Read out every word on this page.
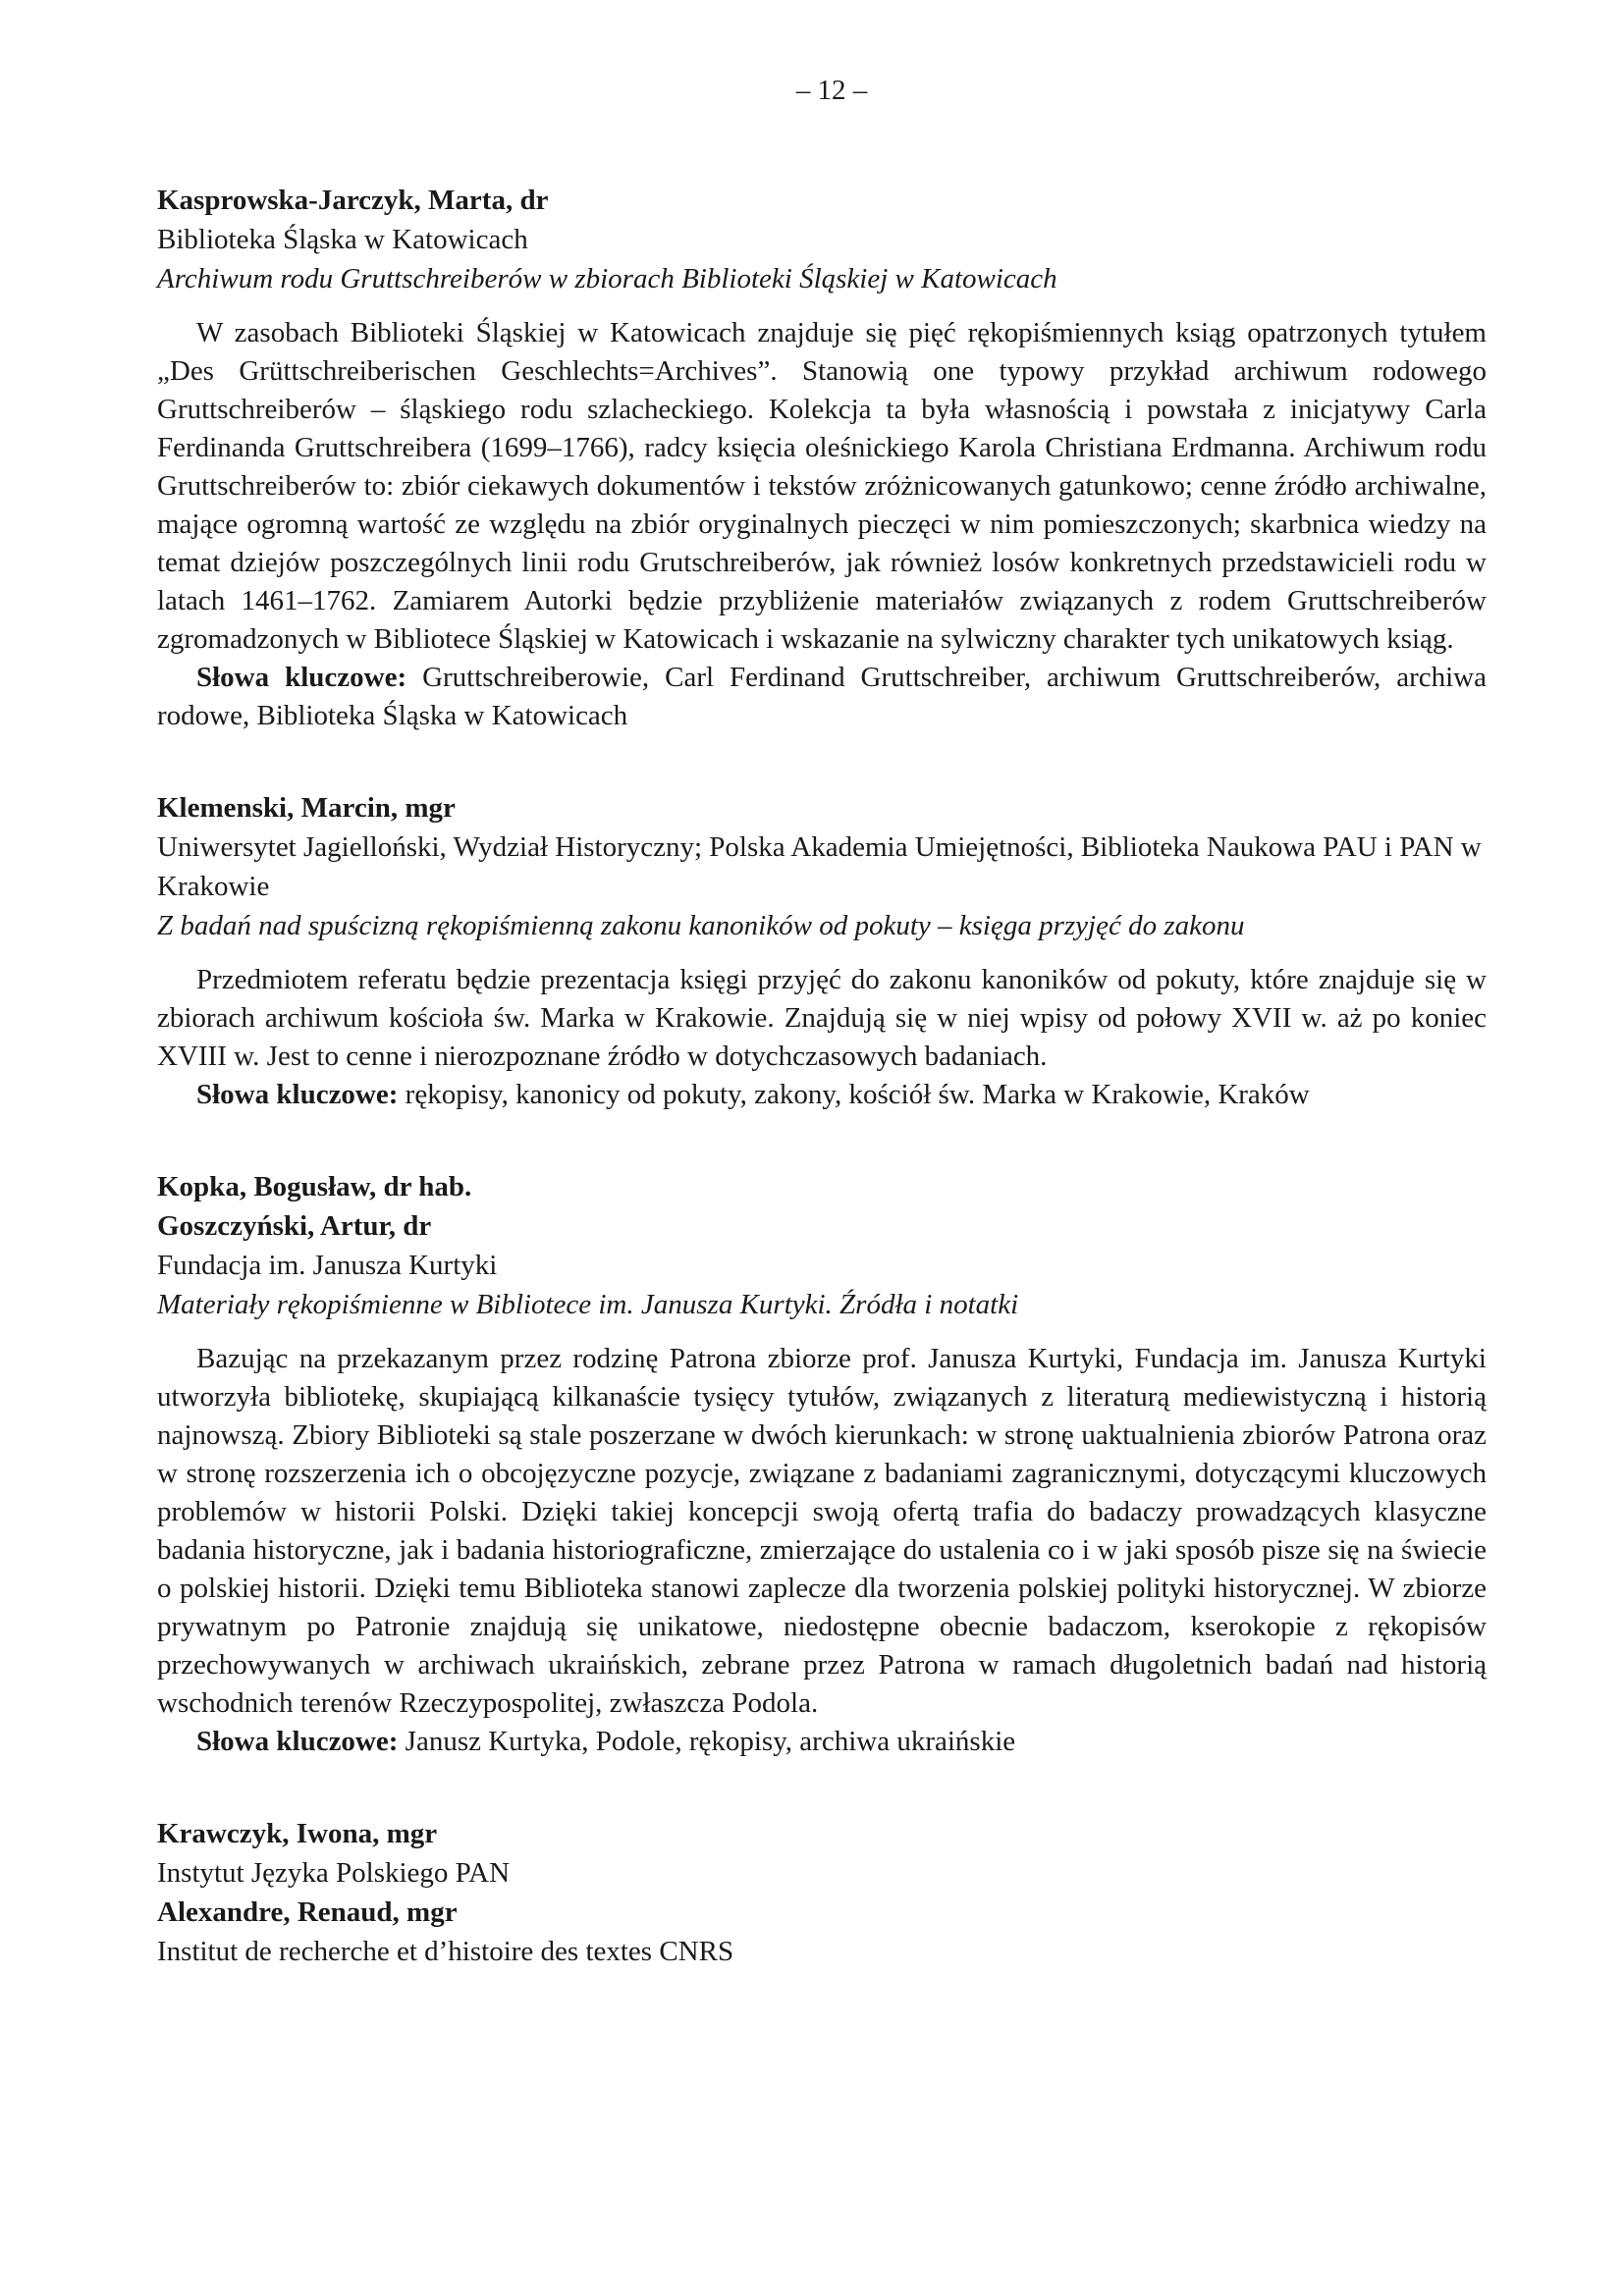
– 12 –

Kasprowska-Jarczyk, Marta, dr

Biblioteka Śląska w Katowicach

Archiwum rodu Gruttschreiberów w zbiorach Biblioteki Śląskiej w Katowicach

W zasobach Biblioteki Śląskiej w Katowicach znajduje się pięć rękopiśmiennych ksiąg opatrzonych tytułem „Des Grüttschreiberischen Geschlechts=Archives”. Stanowią one typowy przykład archiwum rodowego Gruttschreiberów – śląskiego rodu szlacheckiego. Kolekcja ta była własnością i powstała z inicjatywy Carla Ferdinanda Gruttschreibera (1699–1766), radcy księcia oleśnickiego Karola Christiana Erdmanna. Archiwum rodu Gruttschreiberów to: zbiór ciekawych dokumentów i tekstów zróżnicowanych gatunkowo; cenne źródło archiwalne, mające ogromną wartość ze względu na zbiór oryginalnych pieczęci w nim pomieszczonych; skarbnica wiedzy na temat dziejów poszczególnych linii rodu Grutschreiberów, jak również losów konkretnych przedstawicieli rodu w latach 1461–1762. Zamiarem Autorki będzie przybliżenie materiałów związanych z rodem Gruttschreiberów zgromadzonych w Bibliotece Śląskiej w Katowicach i wskazanie na sylwiczny charakter tych unikatowych ksiąg.

Słowa kluczowe: Gruttschreiberowie, Carl Ferdinand Gruttschreiber, archiwum Gruttschreiberów, archiwa rodowe, Biblioteka Śląska w Katowicach

Klemenski, Marcin, mgr

Uniwersytet Jagielloński, Wydział Historyczny; Polska Akademia Umiejętności, Biblioteka Naukowa PAU i PAN w Krakowie

Z badań nad spuścizną rękopiśmienną zakonu kanoników od pokuty – księga przyjęć do zakonu

Przedmiotem referatu będzie prezentacja księgi przyjęć do zakonu kanoników od pokuty, które znajduje się w zbiorach archiwum kościoła św. Marka w Krakowie. Znajdują się w niej wpisy od połowy XVII w. aż po koniec XVIII w. Jest to cenne i nierozpoznane źródło w dotychczasowych badaniach.

Słowa kluczowe: rękopisy, kanonicy od pokuty, zakony, kościół św. Marka w Krakowie, Kraków

Kopka, Bogusław, dr hab.

Goszczyński, Artur, dr

Fundacja im. Janusza Kurtyki

Materiały rękopiśmienne w Bibliotece im. Janusza Kurtyki. Źródła i notatki

Bazując na przekazanym przez rodzinę Patrona zbiorze prof. Janusza Kurtyki, Fundacja im. Janusza Kurtyki utworzyła bibliotekę, skupiającą kilkanaście tysięcy tytułów, związanych z literaturą mediewistyczną i historią najnowszą. Zbiory Biblioteki są stale poszerzane w dwóch kierunkach: w stronę uaktualnienia zbiorów Patrona oraz w stronę rozszerzenia ich o obcojęzyczne pozycje, związane z badaniami zagranicznymi, dotyczącymi kluczowych problemów w historii Polski. Dzięki takiej koncepcji swoją ofertą trafia do badaczy prowadzących klasyczne badania historyczne, jak i badania historiograficzne, zmierzające do ustalenia co i w jaki sposób pisze się na świecie o polskiej historii. Dzięki temu Biblioteka stanowi zaplecze dla tworzenia polskiej polityki historycznej. W zbiorze prywatnym po Patronie znajdują się unikatowe, niedostępne obecnie badaczom, kserokopie z rękopisów przechowywanych w archiwach ukraińskich, zebrane przez Patrona w ramach długoletnich badań nad historią wschodnich terenów Rzeczypospolitej, zwłaszcza Podola.

Słowa kluczowe: Janusz Kurtyka, Podole, rękopisy, archiwa ukraińskie

Krawczyk, Iwona, mgr

Instytut Języka Polskiego PAN

Alexandre, Renaud, mgr

Institut de recherche et d’histoire des textes CNRS
